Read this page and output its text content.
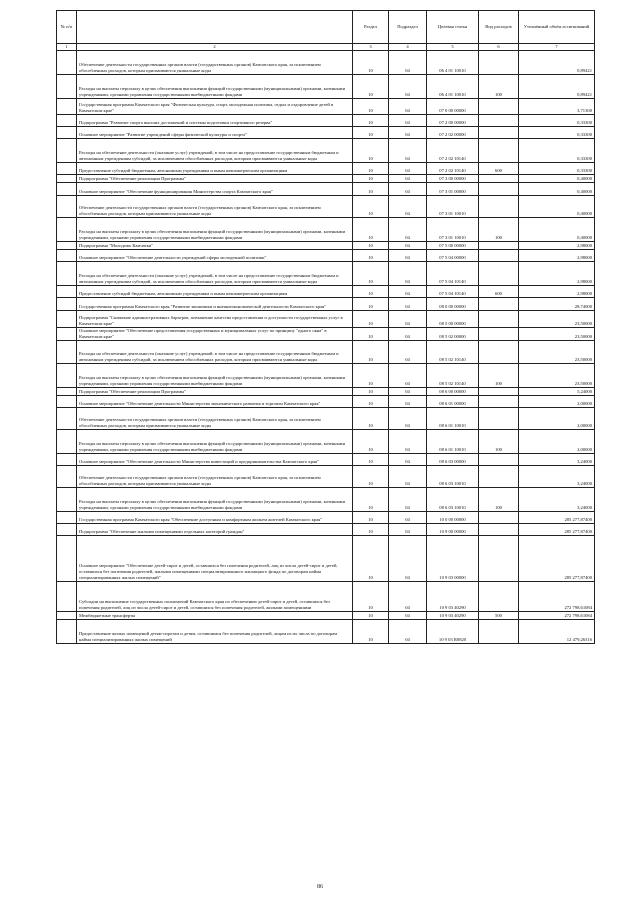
№ п/п		Раздел	Подраздел	Целевая статья	Вид расходов	Уточнённый объём ассигнований
1	2	3	4	5	6	7
	Обеспечение деятельности государственных органов власти (государственных органов) Камчатского края, за исключением обособленных расходов, которым присваиваются уникальные коды	10	04	06 4 01 10010		0,89421
	Расходы на выплаты персоналу в целях обеспечения выполнения функций государственными (муниципальными) органами, казенными учреждениями, органами управления государственными внебюджетными фондами	10	04	06 4 01 10010	100	0,89421
	Государственная программа Камчатского края "Физическая культура, спорт, молодежная политика, отдых и оздоровление детей в Камчатском крае"	10	04	07 0 00 00000		3,71300
	Подпрограмма "Развитие спорта высших достижений и системы подготовки спортивного резерва"	10	04	07 2 00 00000		0,33300
	Основное мероприятие "Развитие учреждений сферы физической культуры и спорта"	10	04	07 2 02 00000		0,33300
	Расходы на обеспечение деятельности (оказание услуг) учреждений, в том числе на предоставление государственным бюджетным и автономным учреждениям субсидий, за исключением обособленных расходов, которым присваиваются уникальные коды	10	04	07 2 02 10140		0,33300
	Предоставление субсидий бюджетным, автономным учреждениям и иным некоммерческим организациям	10	04	07 2 02 10140	600	0,33300
	Подпрограмма "Обеспечение реализации Программы"	10	04	07 3 00 00000		0,40000
	Основное мероприятие "Обеспечение функционирования Министерства спорта Камчатского края"	10	04	07 3 01 00000		0,40000
	Обеспечение деятельности государственных органов власти (государственных органов) Камчатского края, за исключением обособленных расходов, которым присваиваются уникальные коды	10	04	07 3 01 10010		0,40000
	Расходы на выплаты персоналу в целях обеспечения выполнения функций государственными (муниципальными) органами, казенными учреждениями, органами управления государственными внебюджетными фондами	10	04	07 3 01 10010	100	0,40000
	Подпрограмма "Молодежь Камчатки"	10	04	07 5 00 00000		2,98000
	Основное мероприятие "Обеспечение деятельности учреждений сферы молодежной политики"	10	04	07 5 04 00000		2,98000
	Расходы на обеспечение деятельности (оказание услуг) учреждений, в том числе на предоставление государственным бюджетным и автономным учреждениям субсидий, за исключением обособленных расходов, которым присваиваются уникальные коды	10	04	07 5 04 10140		2,98000
	Предоставление субсидий бюджетным, автономным учреждениям и иным некоммерческим организациям	10	04	07 5 04 10140	600	2,98000
	Государственная программа Камчатского края "Развитие экономики и внешнеэкономической деятельности Камчатского края"	10	04	08 0 00 00000		28,74000
	Подпрограмма "Снижение административных барьеров, повышение качества предоставления и доступности государственных услуг в Камчатском крае"	10	04	08 5 00 00000		23,50000
	Основное мероприятие "Обеспечение предоставления государственных и муниципальных услуг по принципу "одного окна" в Камчатском крае"	10	04	08 5 02 00000		23,50000
	Расходы на обеспечение деятельности (оказание услуг) учреждений, в том числе на предоставление государственным бюджетным и автономным учреждениям субсидий, за исключением обособленных расходов, которым присваиваются уникальные коды	10	04	08 5 02 10140		23,50000
	Расходы на выплаты персоналу в целях обеспечения выполнения функций государственными (муниципальными) органами, казенными учреждениями, органами управления государственными внебюджетными фондами	10	04	08 5 02 10140	100	23,50000
	Подпрограмма "Обеспечение реализации Программы"	10	04	08 6 00 00000		5,24000
	Основное мероприятие "Обеспечение деятельности Министерства экономического развития и торговли Камчатского края"	10	04	08 6 01 00000		2,00000
	Обеспечение деятельности государственных органов власти (государственных органов) Камчатского края, за исключением обособленных расходов, которым присваиваются уникальные коды	10	04	08 6 01 10010		2,00000
	Расходы на выплаты персоналу в целях обеспечения выполнения функций государственными (муниципальными) органами, казенными учреждениями, органами управления государственными внебюджетными фондами	10	04	08 6 01 10010	100	2,00000
	Основное мероприятие "Обеспечение деятельности Министерства инвестиций и предпринимательства Камчатского края"	10	04	08 6 03 00000		3,24000
	Обеспечение деятельности государственных органов власти (государственных органов) Камчатского края, за исключением обособленных расходов, которым присваиваются уникальные коды	10	04	08 6 03 10010		3,24000
	Расходы на выплаты персоналу в целях обеспечения выполнения функций государственными (муниципальными) органами, казенными учреждениями, органами управления государственными внебюджетными фондами	10	04	08 6 03 10010	100	3,24000
	Государственная программа Камчатского края "Обеспечение доступным и комфортным жильем жителей Камчатского края"	10	04	10 0 00 00000		285 277,87400
	Подпрограмма "Обеспечение жилыми помещениями отдельных категорий граждан"	10	04	10 9 00 00000		285 277,87400
	Основное мероприятие "Обеспечение детей-сирот и детей, оставшихся без попечения родителей, лиц из числа детей-сирот и детей, оставшихся без попечения родителей, жилыми помещениями специализированного жилищного фонда по договорам найма специализированных жилых помещений"	10	04	10 9 03 00000		285 277,87400
	Субсидии на выполнение государственных полномочий Камчатского края по обеспечению детей-сирот и детей, оставшихся без попечения родителей, лиц из числа детей-сирот и детей, оставшихся без попечения родителей, жилыми помещениями	10	04	10 9 03 40290		272 798,61084
	Межбюджетные трансферты	10	04	10 9 03 40290	500	272 798,61084
	Предоставление жилых помещений детям-сиротам и детям, оставшимся без попечения родителей, лицам из их числа по договорам найма специализированных жилых помещений	10	04	10 9 03 R0820		12 479,26316
86
